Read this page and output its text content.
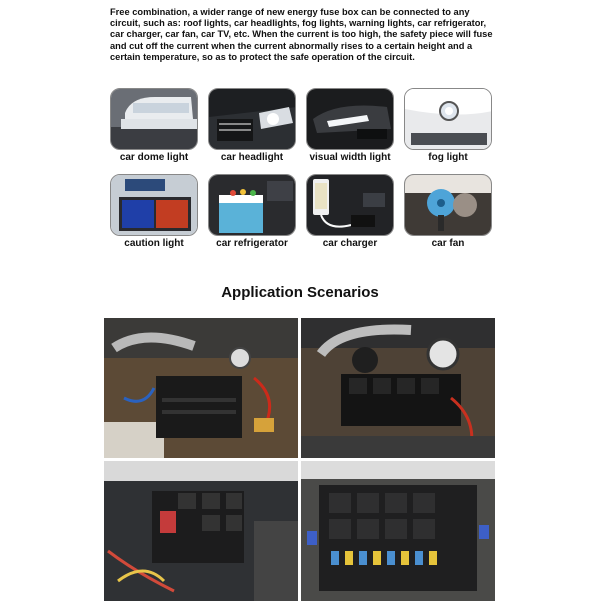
Free combination, a wider range of new energy fuse box can be connected to any circuit, such as: roof lights, car headlights, fog lights, warning lights, car refrigerator, car charger, car fan, car TV, etc. When the current is too high, the safety piece will fuse and cut off the current when the current abnormally rises to a certain height and a certain temperature, so as to protect the safe operation of the circuit.
car dome light	car headlight	visual width light	fog light
caution light	car refrigerator	car charger	car fan
Application Scenarios
